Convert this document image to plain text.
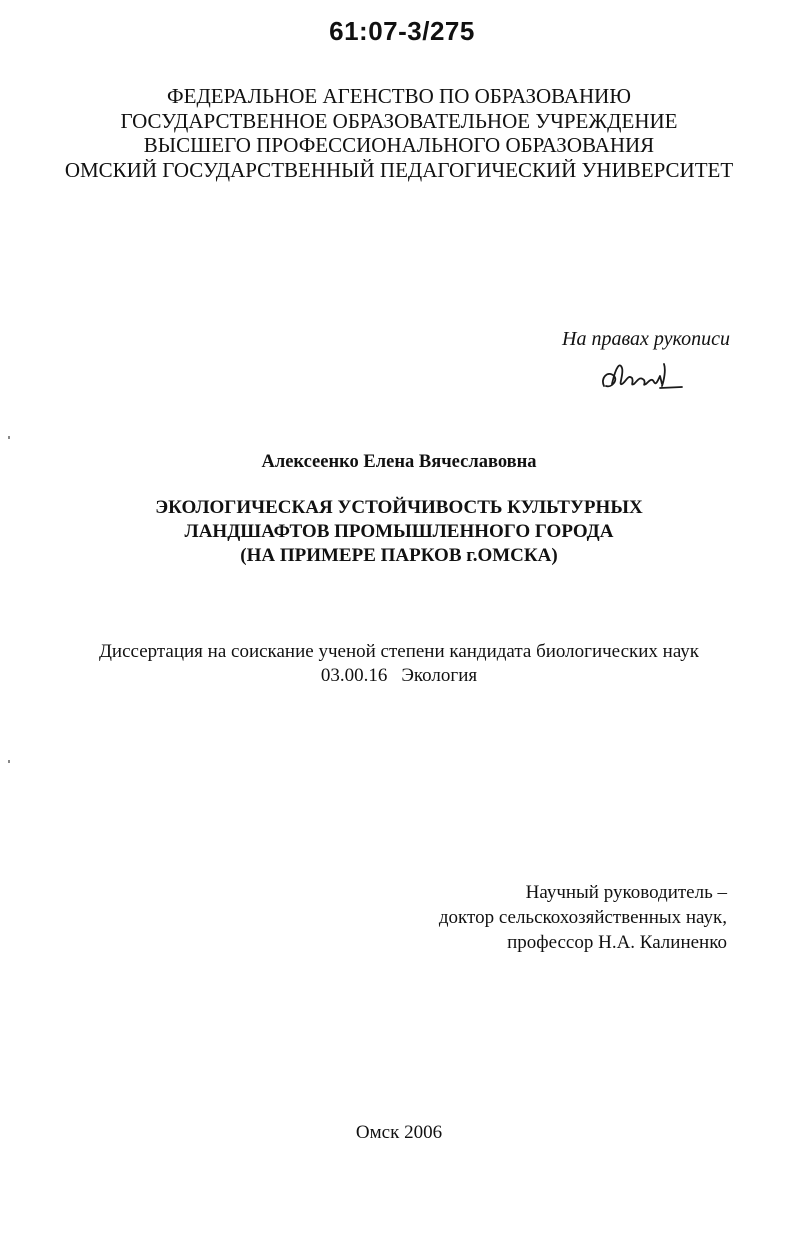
61:07-3/275
ФЕДЕРАЛЬНОЕ АГЕНСТВО ПО ОБРАЗОВАНИЮ
ГОСУДАРСТВЕННОЕ ОБРАЗОВАТЕЛЬНОЕ УЧРЕЖДЕНИЕ
ВЫСШЕГО ПРОФЕССИОНАЛЬНОГО ОБРАЗОВАНИЯ
ОМСКИЙ ГОСУДАРСТВЕННЫЙ ПЕДАГОГИЧЕСКИЙ УНИВЕРСИТЕТ
На правах рукописи
Алексеенко Елена Вячеславовна
ЭКОЛОГИЧЕСКАЯ УСТОЙЧИВОСТЬ КУЛЬТУРНЫХ
ЛАНДШАФТОВ ПРОМЫШЛЕННОГО ГОРОДА
(НА ПРИМЕРЕ ПАРКОВ г.ОМСКА)
Диссертация на соискание ученой степени кандидата биологических наук
03.00.16 Экология
Научный руководитель –
доктор сельскохозяйственных наук,
профессор Н.А. Калиненко
Омск 2006
